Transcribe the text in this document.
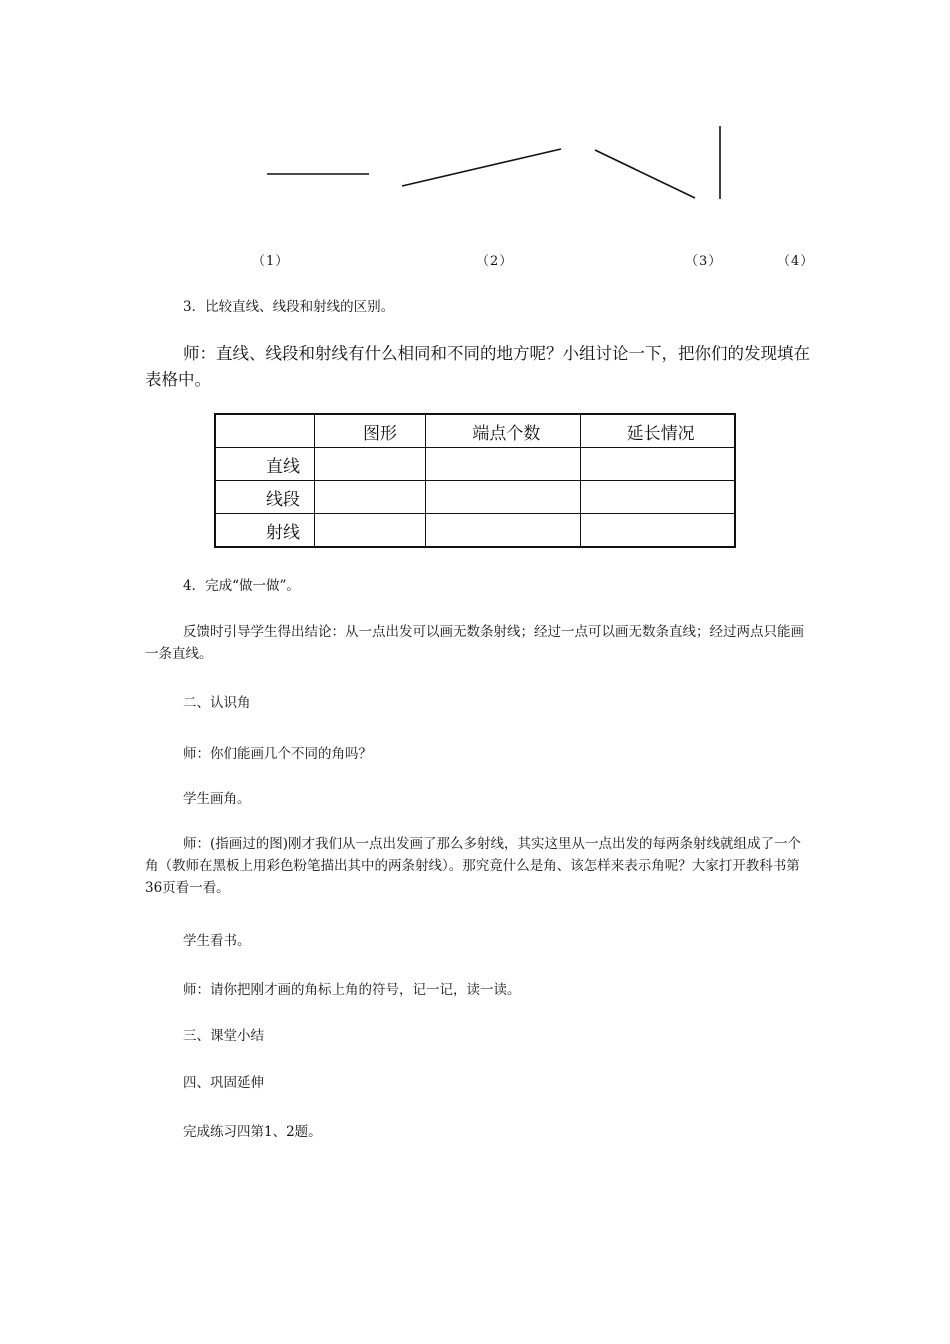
（1）	（2）	（3）	（4）
3．比较直线、线段和射线的区别。
师：直线、线段和射线有什么相同和不同的地方呢？小组讨论一下，把你们的发现填在表格中。
	图形	端点个数	延长情况
直线			
线段			
射线			
4．完成“做一做”。
反馈时引导学生得出结论：从一点出发可以画无数条射线；经过一点可以画无数条直线；经过两点只能画一条直线。
二、认识角
师：你们能画几个不同的角吗？
学生画角。
师：(指画过的图)刚才我们从一点出发画了那么多射线，其实这里从一点出发的每两条射线就组成了一个角（教师在黑板上用彩色粉笔描出其中的两条射线）。那究竟什么是角、该怎样来表示角呢？大家打开教科书第36页看一看。
学生看书。
师：请你把刚才画的角标上角的符号，记一记，读一读。
三、课堂小结
四、巩固延伸
完成练习四第1、2题。
